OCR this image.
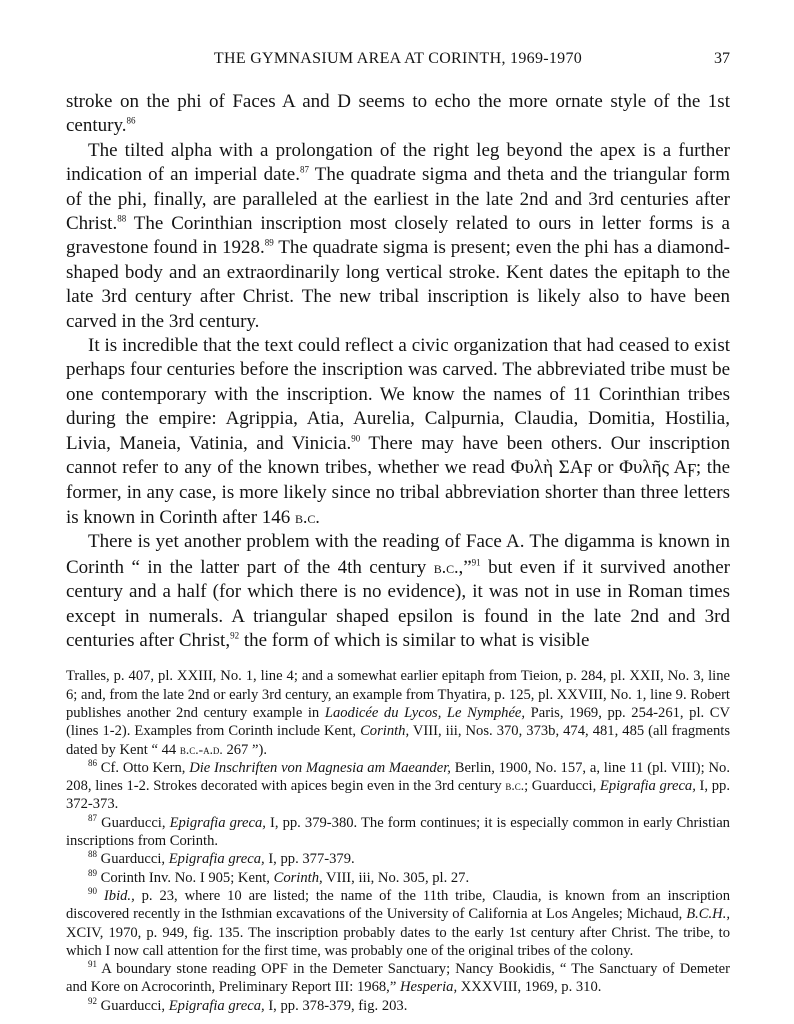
THE GYMNASIUM AREA AT CORINTH, 1969-1970	37

stroke on the phi of Faces A and D seems to echo the more ornate style of the 1st century.$^{86}$

The tilted alpha with a prolongation of the right leg beyond the apex is a further indication of an imperial date.$^{87}$ The quadrate sigma and theta and the triangular form of the phi, finally, are paralleled at the earliest in the late 2nd and 3rd centuries after Christ.$^{88}$ The Corinthian inscription most closely related to ours in letter forms is a gravestone found in 1928.89 The quadrate sigma is present; even the phi has a diamond-shaped body and an extraordinarily long vertical stroke. Kent dates the epitaph to the late 3rd century after Christ. The new tribal inscription is likely also to have been carved in the 3rd century.

It is incredible that the text could reflect a civic organization that had ceased to exist perhaps four centuries before the inscription was carved. The abbreviated tribe must be one contemporary with the inscription. We know the names of 11 Corinthian tribes during the empire: Agrippia, Atia, Aurelia, Calpurnia, Claudia, Domitia, Hostilia, Livia, Maneia, Vatinia, and Vinicia.$^{90}$ There may have been others. Our inscription cannot refer to any of the known tribes, whether we read Φυλὴ ΣΑϝ or Φυλῆς Αϝ; the former, in any case, is more likely since no tribal abbreviation shorter than three letters is known in Corinth after 146 b.c.

There is yet another problem with the reading of Face A. The digamma is known in Corinth “ in the latter part of the 4th century b.c.,”$^{91}$ but even if it survived another century and a half (for which there is no evidence), it was not in use in Roman times except in numerals. A triangular shaped epsilon is found in the late 2nd and 3rd centuries after Christ,$^{92}$ the form of which is similar to what is visible

Tralles, p. 407, pl. XXIII, No. 1, line 4; and a somewhat earlier epitaph from Tieion, p. 284, pl. XXII, No. 3, line 6; and, from the late 2nd or early 3rd century, an example from Thyatira, p. 125, pl. XXVIII, No. 1, line 9. Robert publishes another 2nd century example in Laodicée du Lycos, Le Nymphée, Paris, 1969, pp. 254-261, pl. CV (lines 1-2). Examples from Corinth include Kent, Corinth, VIII, iii, Nos. 370, 373b, 474, 481, 485 (all fragments dated by Kent “ 44 b.c.-a.d. 267 ”).

$^{86}$ Cf. Otto Kern, Die Inschriften von Magnesia am Maeander, Berlin, 1900, No. 157, a, line 11 (pl. VIII); No. 208, lines 1-2. Strokes decorated with apices begin even in the 3rd century b.c.; Guarducci, Epigrafia greca, I, pp. 372-373.

$^{87}$ Guarducci, Epigrafia greca, I, pp. 379-380. The form continues; it is especially common in early Christian inscriptions from Corinth.

$^{88}$ Guarducci, Epigrafia greca, I, pp. 377-379.

$^{89}$ Corinth Inv. No. I 905; Kent, Corinth, VIII, iii, No. 305, pl. 27.

$^{90}$ Ibid., p. 23, where 10 are listed; the name of the 11th tribe, Claudia, is known from an inscription discovered recently in the Isthmian excavations of the University of California at Los Angeles; Michaud, B.C.H., XCIV, 1970, p. 949, fig. 135. The inscription probably dates to the early 1st century after Christ. The tribe, to which I now call attention for the first time, was probably one of the original tribes of the colony.

$^{91}$ A boundary stone reading OPϜ in the Demeter Sanctuary; Nancy Bookidis, “ The Sanctuary of Demeter and Kore on Acrocorinth, Preliminary Report III: 1968,” Hesperia, XXXVIII, 1969, p. 310.

$^{92}$ Guarducci, Epigrafia greca, I, pp. 378-379, fig. 203.
